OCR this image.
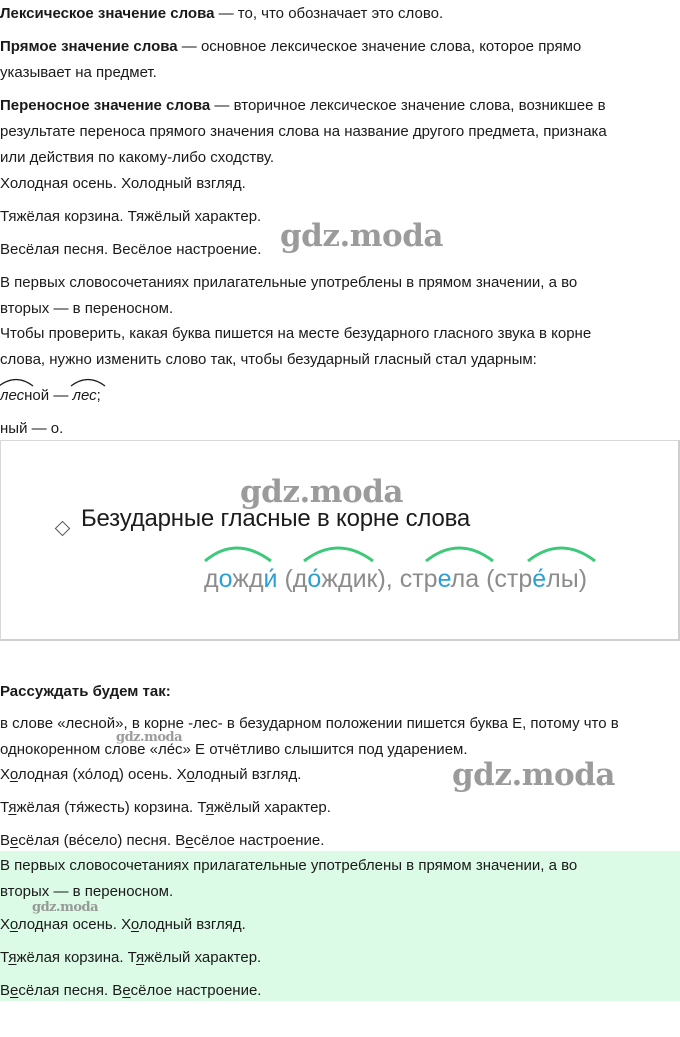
Лексическое значение слова — то, что обозначает это слово.

Прямое значение слова — основное лексическое значение слова, которое прямо

указывает на предмет.

Переносное значение слова — вторичное лексическое значение слова, возникшее в

результате переноса прямого значения слова на название другого предмета, признака

или действия по какому-либо сходству.

Холодная осень. Холодный взгляд.

Тяжёлая корзина. Тяжёлый характер.

Весёлая песня. Весёлое настроение.

В первых словосочетаниях прилагательные употреблены в прямом значении, а во

вторых — в переносном.

Чтобы проверить, какая буква пишется на месте безударного гласного звука в корне

слова, нужно изменить слово так, чтобы безударный гласный стал ударным:

лесной —
лес;

ный — о.

Безударные гласные в корне слова
дожди́ (до́ждик), стрела (стре́лы)

Рассуждать будем так:

в слове «лесной», в корне -лес- в безударном положении пишется буква Е, потому что в

однокоренном слове «ле́с» Е отчётливо слышится под ударением.

Холодная (хо́лод) осень. Холодный взгляд.

Тяжёлая (тя́жесть) корзина. Тяжёлый характер.

Весёлая (ве́село) песня. Весёлое настроение.

В первых словосочетаниях прилагательные употреблены в прямом значении, а во

вторых — в переносном.

Холодная осень. Холодный взгляд.

Тяжёлая корзина. Тяжёлый характер.

Весёлая песня. Весёлое настроение.

gdz.moda
gdz.moda
gdz.moda
gdz.moda
gdz.moda
